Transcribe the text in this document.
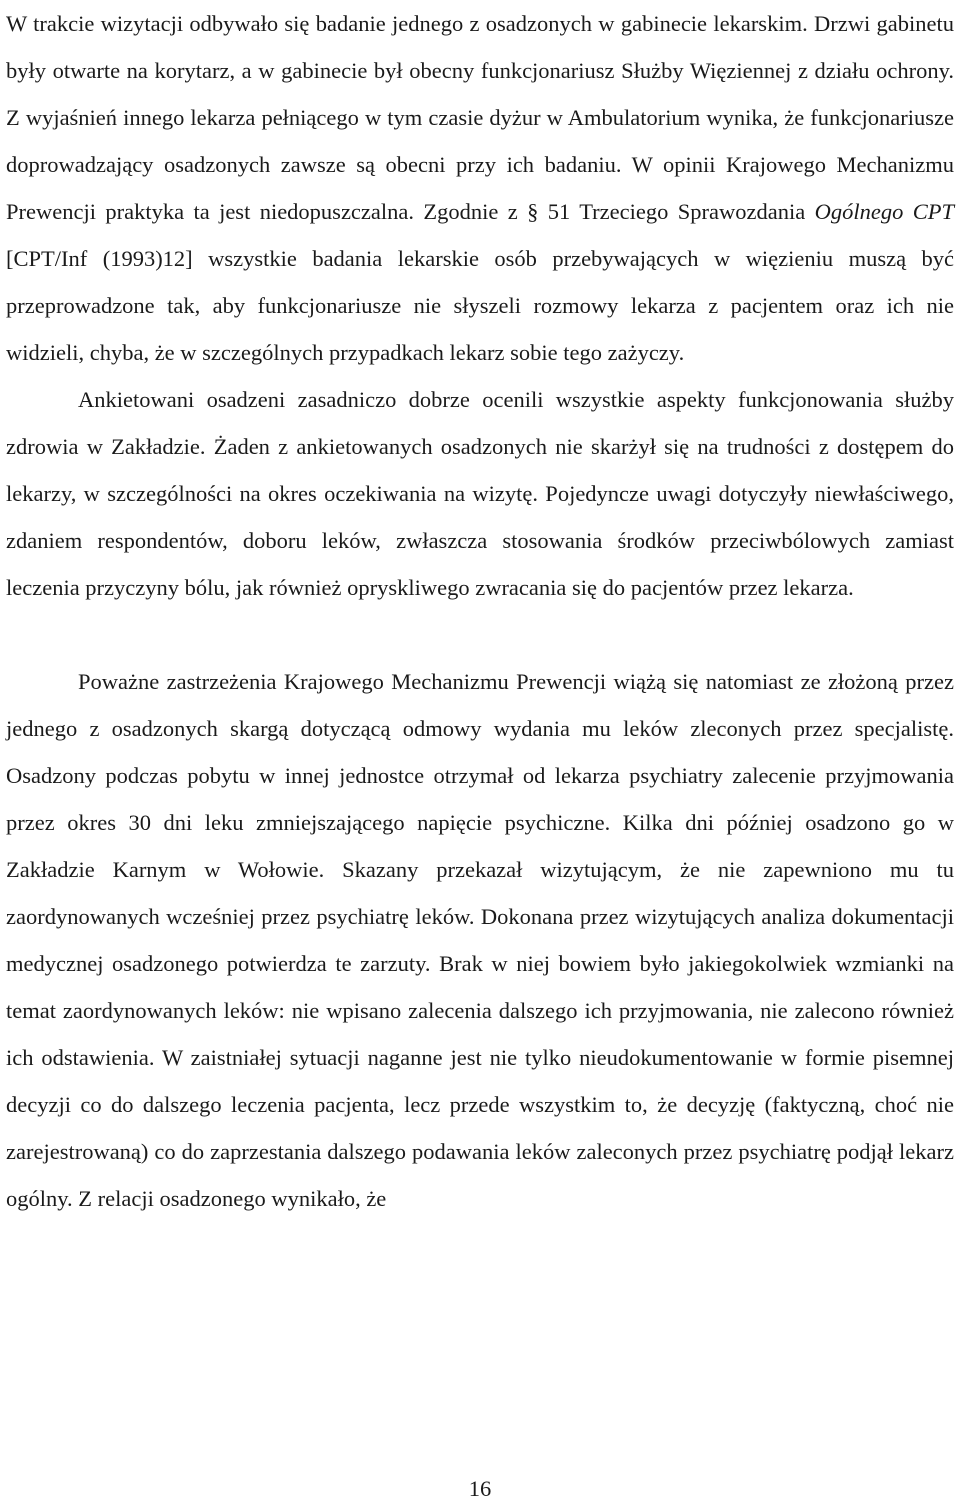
W trakcie wizytacji odbywało się badanie jednego z osadzonych w gabinecie lekarskim. Drzwi gabinetu były otwarte na korytarz, a w gabinecie był obecny funkcjonariusz Służby Więziennej z działu ochrony. Z wyjaśnień innego lekarza pełniącego w tym czasie dyżur w Ambulatorium wynika, że funkcjonariusze doprowadzający osadzonych zawsze są obecni przy ich badaniu. W opinii Krajowego Mechanizmu Prewencji praktyka ta jest niedopuszczalna. Zgodnie z § 51 Trzeciego Sprawozdania Ogólnego CPT [CPT/Inf (1993)12] wszystkie badania lekarskie osób przebywających w więzieniu muszą być przeprowadzone tak, aby funkcjonariusze nie słyszeli rozmowy lekarza z pacjentem oraz ich nie widzieli, chyba, że w szczególnych przypadkach lekarz sobie tego zażyczy.

Ankietowani osadzeni zasadniczo dobrze ocenili wszystkie aspekty funkcjonowania służby zdrowia w Zakładzie. Żaden z ankietowanych osadzonych nie skarżył się na trudności z dostępem do lekarzy, w szczególności na okres oczekiwania na wizytę. Pojedyncze uwagi dotyczyły niewłaściwego, zdaniem respondentów, doboru leków, zwłaszcza stosowania środków przeciwbólowych zamiast leczenia przyczyny bólu, jak również opryskliwego zwracania się do pacjentów przez lekarza.

Poważne zastrzeżenia Krajowego Mechanizmu Prewencji wiążą się natomiast ze złożoną przez jednego z osadzonych skargą dotyczącą odmowy wydania mu leków zleconych przez specjalistę. Osadzony podczas pobytu w innej jednostce otrzymał od lekarza psychiatry zalecenie przyjmowania przez okres 30 dni leku zmniejszającego napięcie psychiczne. Kilka dni później osadzono go w Zakładzie Karnym w Wołowie. Skazany przekazał wizytującym, że nie zapewniono mu tu zaordynowanych wcześniej przez psychiatrę leków. Dokonana przez wizytujących analiza dokumentacji medycznej osadzonego potwierdza te zarzuty. Brak w niej bowiem było jakiegokolwiek wzmianki na temat zaordynowanych leków: nie wpisano zalecenia dalszego ich przyjmowania, nie zalecono również ich odstawienia. W zaistniałej sytuacji naganne jest nie tylko nieudokumentowanie w formie pisemnej decyzji co do dalszego leczenia pacjenta, lecz przede wszystkim to, że decyzję (faktyczną, choć nie zarejestrowaną) co do zaprzestania dalszego podawania leków zaleconych przez psychiatrę podjął lekarz ogólny. Z relacji osadzonego wynikało, że

16
